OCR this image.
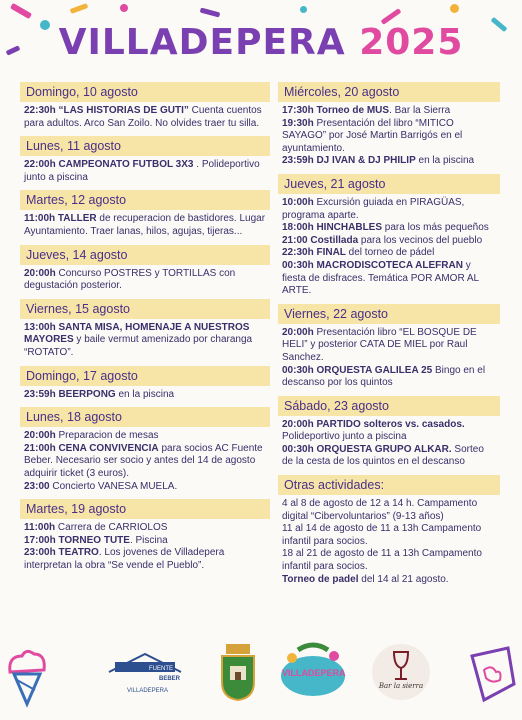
VILLADEPERA 2025
Domingo, 10 agosto
22:30h “LAS HISTORIAS DE GUTI” Cuenta cuentos para adultos. Arco San Zoilo. No olvides traer tu silla.
Lunes, 11 agosto
22:00h CAMPEONATO FUTBOL 3X3 . Polideportivo junto a piscina
Martes, 12 agosto
11:00h TALLER de recuperacion de bastidores. Lugar Ayuntamiento. Traer lanas, hilos, agujas, tijeras...
Jueves, 14 agosto
20:00h Concurso POSTRES y TORTILLAS con degustación posterior.
Viernes, 15 agosto
13:00h SANTA MISA, HOMENAJE A NUESTROS MAYORES y baile vermut amenizado por charanga “ROTATO”.
Domingo, 17 agosto
23:59h BEERPONG en la piscina
Lunes, 18 agosto
20:00h Preparacion de mesas
21:00h CENA CONVIVENCIA para socios AC Fuente Beber. Necesario ser socio y antes del 14 de agosto adquirir ticket (3 euros).
23:00 Concierto VANESA MUELA.
Martes, 19 agosto
11:00h Carrera de CARRIOLOS
17:00h TORNEO TUTE. Piscina
23:00h TEATRO. Los jovenes de Villadepera interpretan la obra “Se vende el Pueblo”.
Miércoles, 20 agosto
17:30h Torneo de MUS. Bar la Sierra
19:30h Presentación del libro “MITICO SAYAGO” por José Martin Barrigós en el ayuntamiento.
23:59h DJ IVAN & DJ PHILIP en la piscina
Jueves, 21 agosto
10:00h Excursión guiada en PIRAGÜAS, programa aparte.
18:00h HINCHABLES para los más pequeños
21:00 Costillada para los vecinos del pueblo
22:30h FINAL del torneo de pádel
00:30h MACRODISCOTECA ALEFRAN y fiesta de disfraces. Temática POR AMOR AL ARTE.
Viernes, 22 agosto
20:00h Presentación libro “EL BOSQUE DE HELI” y posterior CATA DE MIEL por Raul Sanchez.
00:30h ORQUESTA GALILEA 25 Bingo en el descanso por los quintos
Sábado, 23 agosto
20:00h PARTIDO solteros vs. casados. Polideportivo junto a piscina
00:30h ORQUESTA GRUPO ALKAR. Sorteo de la cesta de los quintos en el descanso
Otras actividades:
4 al 8 de agosto de 12 a 14 h. Campamento digital “Cibervoluntarios” (9-13 años)
11 al 14 de agosto de 11 a 13h Campamento infantil para socios.
18 al 21 de agosto de 11 a 13h Campamento infantil para socios.
Torneo de padel del 14 al 21 agosto.
FUENTE
BEBER
VILLADEPERA
VILLADEPERA
Bar la sierra
